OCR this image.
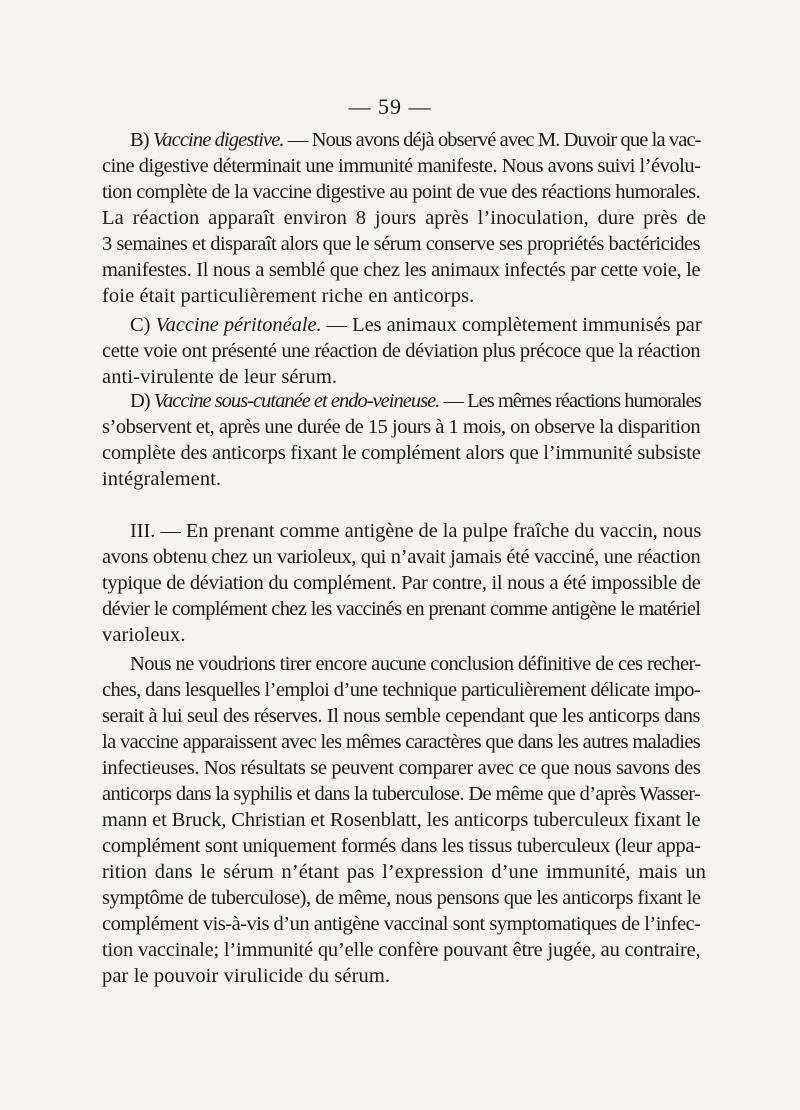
— 59 —
B) Vaccine digestive. — Nous avons déjà observé avec M. Duvoir que la vac-
cine digestive déterminait une immunité manifeste. Nous avons suivi l’évolu-
tion complète de la vaccine digestive au point de vue des réactions humorales.
La réaction apparaît environ 8 jours après l’inoculation, dure près de
3 semaines et disparaît alors que le sérum conserve ses propriétés bactéricides
manifestes. Il nous a semblé que chez les animaux infectés par cette voie, le
foie était particulièrement riche en anticorps.
C) Vaccine péritonéale. — Les animaux complètement immunisés par
cette voie ont présenté une réaction de déviation plus précoce que la réaction
anti-virulente de leur sérum.
D) Vaccine sous-cutanée et endo-veineuse. — Les mêmes réactions humorales
s’observent et, après une durée de 15 jours à 1 mois, on observe la disparition
complète des anticorps fixant le complément alors que l’immunité subsiste
intégralement.
III. — En prenant comme antigène de la pulpe fraîche du vaccin, nous
avons obtenu chez un varioleux, qui n’avait jamais été vacciné, une réaction
typique de déviation du complément. Par contre, il nous a été impossible de
dévier le complément chez les vaccinés en prenant comme antigène le matériel
varioleux.
Nous ne voudrions tirer encore aucune conclusion définitive de ces recher-
ches, dans lesquelles l’emploi d’une technique particulièrement délicate impo-
serait à lui seul des réserves. Il nous semble cependant que les anticorps dans
la vaccine apparaissent avec les mêmes caractères que dans les autres maladies
infectieuses. Nos résultats se peuvent comparer avec ce que nous savons des
anticorps dans la syphilis et dans la tuberculose. De même que d’après Wasser-
mann et Bruck, Christian et Rosenblatt, les anticorps tuberculeux fixant le
complément sont uniquement formés dans les tissus tuberculeux (leur appa-
rition dans le sérum n’étant pas l’expression d’une immunité, mais un
symptôme de tuberculose), de même, nous pensons que les anticorps fixant le
complément vis-à-vis d’un antigène vaccinal sont symptomatiques de l’infec-
tion vaccinale; l’immunité qu’elle confère pouvant être jugée, au contraire,
par le pouvoir virulicide du sérum.
